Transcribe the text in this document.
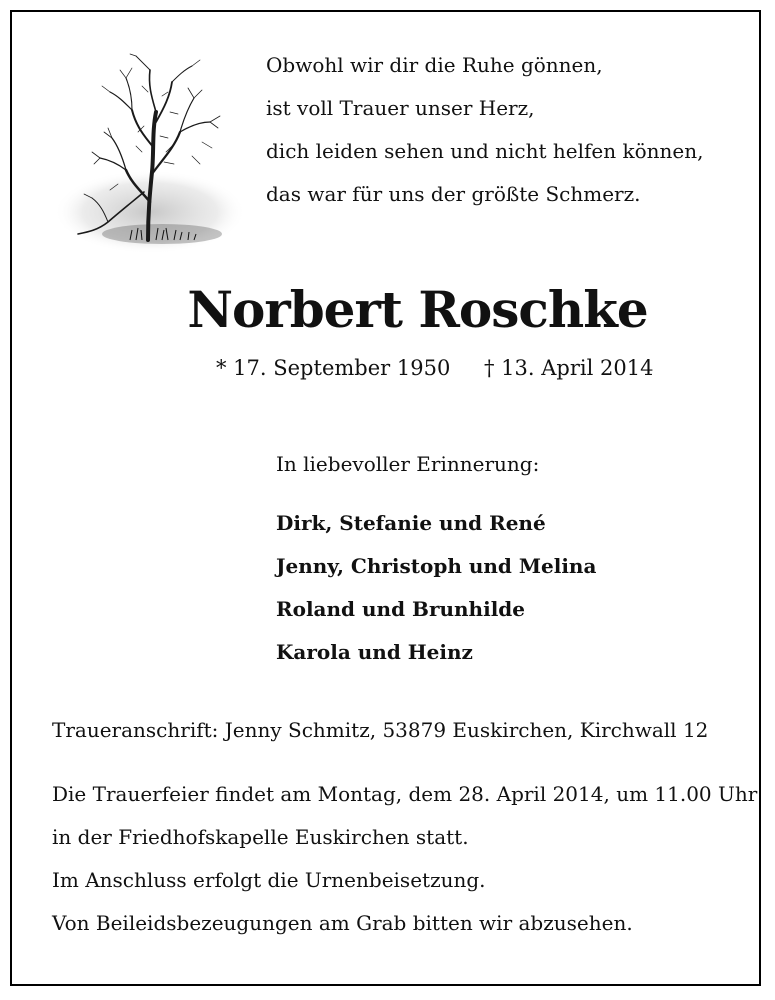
Obwohl wir dir die Ruhe gönnen,
ist voll Trauer unser Herz,
dich leiden sehen und nicht helfen können,
das war für uns der größte Schmerz.
Norbert Roschke
* 17. September 1950 † 13. April 2014
In liebevoller Erinnerung:
Dirk, Stefanie und René
Jenny, Christoph und Melina
Roland und Brunhilde
Karola und Heinz
Traueranschrift: Jenny Schmitz, 53879 Euskirchen, Kirchwall 12
Die Trauerfeier findet am Montag, dem 28. April 2014, um 11.00 Uhr
in der Friedhofskapelle Euskirchen statt.
Im Anschluss erfolgt die Urnenbeisetzung.
Von Beileidsbezeugungen am Grab bitten wir abzusehen.
